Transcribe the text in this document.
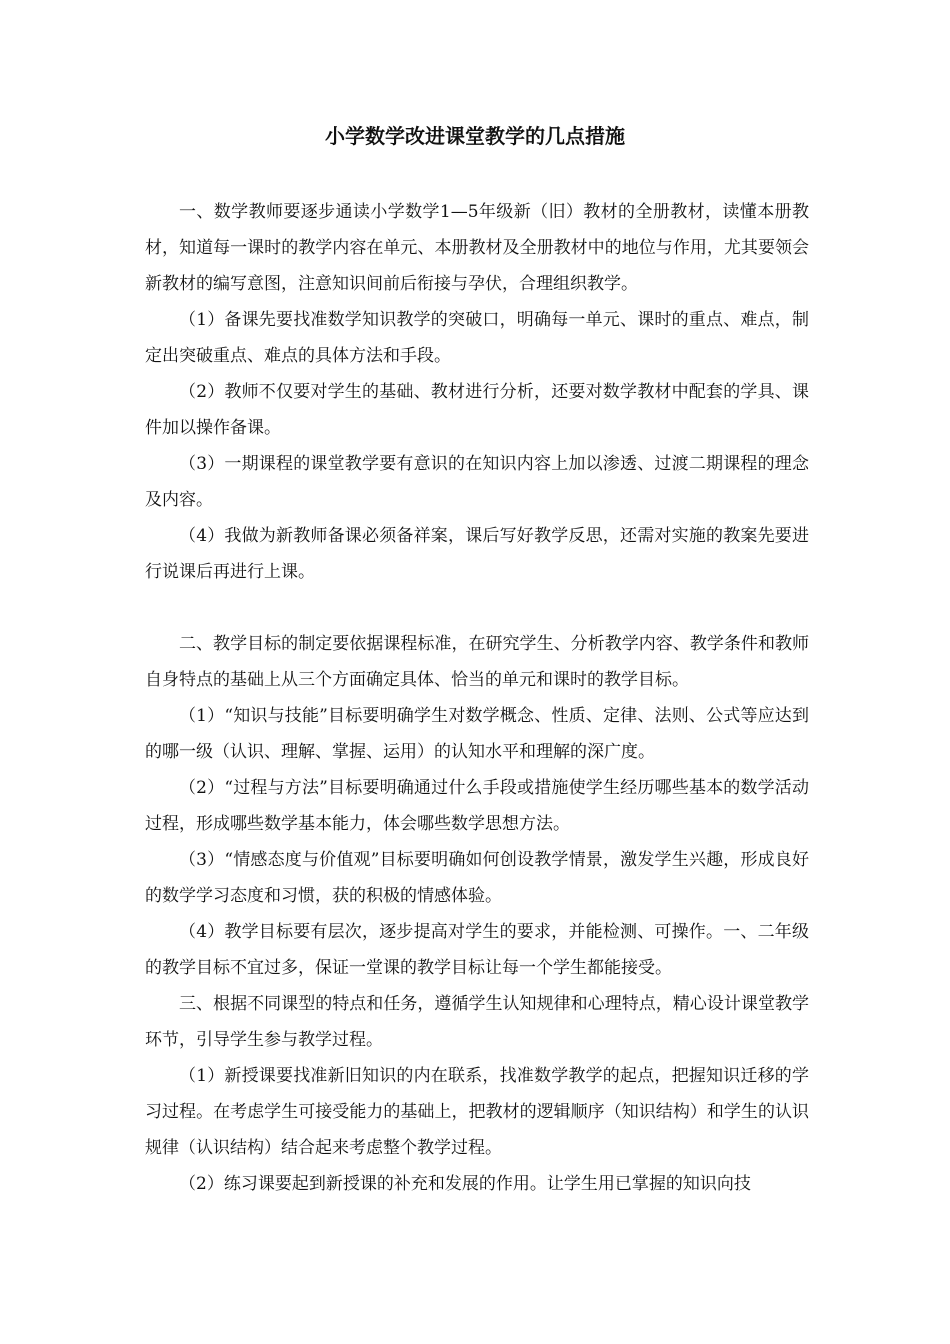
小学数学改进课堂教学的几点措施

一、数学教师要逐步通读小学数学1—5年级新（旧）教材的全册教材，读懂本册教材，知道每一课时的教学内容在单元、本册教材及全册教材中的地位与作用，尤其要领会新教材的编写意图，注意知识间前后衔接与孕伏，合理组织教学。

（1）备课先要找准数学知识教学的突破口，明确每一单元、课时的重点、难点，制定出突破重点、难点的具体方法和手段。

（2）教师不仅要对学生的基础、教材进行分析，还要对数学教材中配套的学具、课件加以操作备课。

（3）一期课程的课堂教学要有意识的在知识内容上加以渗透、过渡二期课程的理念及内容。

（4）我做为新教师备课必须备祥案，课后写好教学反思，还需对实施的教案先要进行说课后再进行上课。

二、教学目标的制定要依据课程标准，在研究学生、分析教学内容、教学条件和教师自身特点的基础上从三个方面确定具体、恰当的单元和课时的教学目标。

（1）“知识与技能”目标要明确学生对数学概念、性质、定律、法则、公式等应达到的哪一级（认识、理解、掌握、运用）的认知水平和理解的深广度。

（2）“过程与方法”目标要明确通过什么手段或措施使学生经历哪些基本的数学活动过程，形成哪些数学基本能力，体会哪些数学思想方法。

（3）“情感态度与价值观”目标要明确如何创设教学情景，激发学生兴趣，形成良好的数学学习态度和习惯，获的积极的情感体验。

（4）教学目标要有层次，逐步提高对学生的要求，并能检测、可操作。一、二年级的教学目标不宜过多，保证一堂课的教学目标让每一个学生都能接受。

三、根据不同课型的特点和任务，遵循学生认知规律和心理特点，精心设计课堂教学环节，引导学生参与教学过程。

（1）新授课要找准新旧知识的内在联系，找准数学教学的起点，把握知识迁移的学习过程。在考虑学生可接受能力的基础上，把教材的逻辑顺序（知识结构）和学生的认识规律（认识结构）结合起来考虑整个教学过程。

（2）练习课要起到新授课的补充和发展的作用。让学生用已掌握的知识向技
